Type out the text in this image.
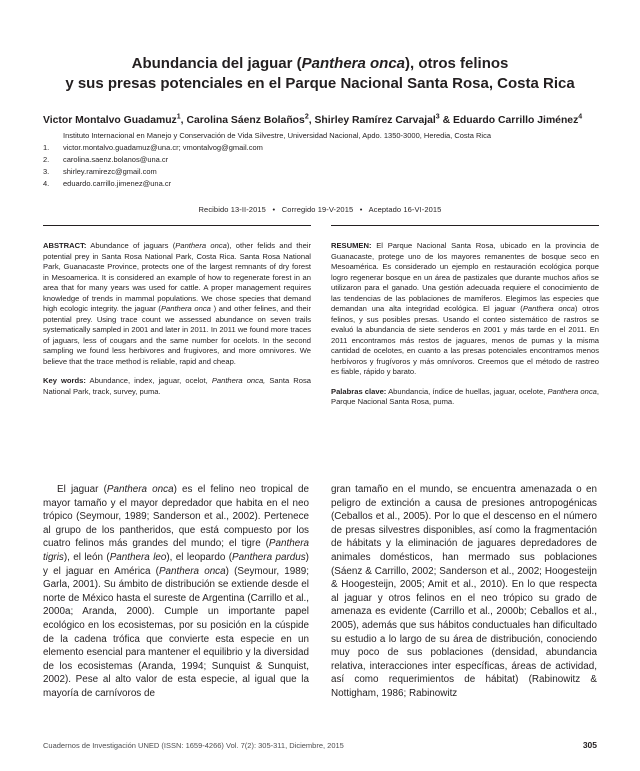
Abundancia del jaguar (Panthera onca), otros felinos
y sus presas potenciales en el Parque Nacional Santa Rosa, Costa Rica
Victor Montalvo Guadamuz$^1$, Carolina Sáenz Bolaños$^2$, Shirley Ramírez Carvajal$^3$ & Eduardo Carrillo Jiménez$^4$
Instituto Internacional en Manejo y Conservación de Vida Silvestre, Universidad Nacional, Apdo. 1350-3000, Heredia, Costa Rica
1.	victor.montalvo.guadamuz@una.cr; vmontalvog@gmail.com
2.	carolina.saenz.bolanos@una.cr
3.	shirley.ramirezc@gmail.com
4.	eduardo.carrillo.jimenez@una.cr
Recibido 13-II-2015   •   Corregido 19-V-2015   •   Aceptado 16-VI-2015

ABSTRACT: Abundance of jaguars (Panthera onca), other felids and their potential prey in Santa Rosa National Park, Costa Rica. Santa Rosa National Park, Guanacaste Province, protects one of the largest remnants of dry forest in Mesoamerica. It is considered an example of how to regenerate forest in an area that for many years was used for cattle. A proper management requires knowledge of trends in mammal populations. We chose species that demand high ecologic integrity. the jaguar (Panthera onca ) and other felines, and their potential prey. Using trace count we assessed abundance on seven trails systematically sampled in 2001 and later in 2011. In 2011 we found more traces of jaguars, less of cougars and the same number for ocelots. In the second sampling we found less herbivores and frugivores, and more omnivores. We believe that the trace method is reliable, rapid and cheap.

Key words: Abundance, index, jaguar, ocelot, Panthera onca, Santa Rosa National Park, track, survey, puma.

RESUMEN: El Parque Nacional Santa Rosa, ubicado en la provincia de Guanacaste, protege uno de los mayores remanentes de bosque seco en Mesoamérica. Es considerado un ejemplo en restauración ecológica porque logro regenerar bosque en un área de pastizales que durante muchos años se utilizaron para el ganado. Una gestión adecuada requiere el conocimiento de las tendencias de las poblaciones de mamíferos. Elegimos las especies que demandan una alta integridad ecológica. El jaguar (Panthera onca) otros felinos, y sus posibles presas. Usando el conteo sistemático de rastros se evaluó la abundancia de siete senderos en 2001 y más tarde en el 2011. En 2011 encontramos más restos de jaguares, menos de pumas y la misma cantidad de ocelotes, en cuanto a las presas potenciales encontramos menos herbívoros y frugívoros y más omnívoros. Creemos que el método de rastreo es fiable, rápido y barato.

Palabras clave: Abundancia, índice de huellas, jaguar, ocelote, Panthera onca, Parque Nacional Santa Rosa, puma.

El jaguar (Panthera onca) es el felino neo tropical de mayor tamaño y el mayor depredador que habita en el neo trópico (Seymour, 1989; Sanderson et al., 2002). Pertenece al grupo de los pantheridos, que está compuesto por los cuatro felinos más grandes del mundo; el tigre (Panthera tigris), el león (Panthera leo), el leopardo (Panthera pardus) y el jaguar en América (Panthera onca) (Seymour, 1989; Garla, 2001). Su ámbito de distribución se extiende desde el norte de México hasta el sureste de Argentina (Carrillo et al., 2000a; Aranda, 2000). Cumple un importante papel ecológico en los ecosistemas, por su posición en la cúspide de la cadena trófica que convierte esta especie en un elemento esencial para mantener el equilibrio y la diversidad de los ecosistemas (Aranda, 1994; Sunquist & Sunquist, 2002). Pese al alto valor de esta especie, al igual que la mayoría de carnívoros de

gran tamaño en el mundo, se encuentra amenazada o en peligro de extinción a causa de presiones antropogénicas (Ceballos et al., 2005). Por lo que el descenso en el número de presas silvestres disponibles, así como la fragmentación de hábitats y la eliminación de jaguares depredadores de animales domésticos, han mermado sus poblaciones (Sáenz & Carrillo, 2002; Sanderson et al., 2002; Hoogesteijn & Hoogesteijn, 2005; Amit et al., 2010). En lo que respecta al jaguar y otros felinos en el neo trópico su grado de amenaza es evidente (Carrillo et al., 2000b; Ceballos et al., 2005), además que sus hábitos conductuales han dificultado su estudio a lo largo de su área de distribución, conociendo muy poco de sus poblaciones (densidad, abundancia relativa, interacciones inter específicas, áreas de actividad, así como requerimientos de hábitat) (Rabinowitz & Nottigham, 1986; Rabinowitz

Cuadernos de Investigación UNED (ISSN: 1659-4266) Vol. 7(2): 305-311, Diciembre, 2015	305
